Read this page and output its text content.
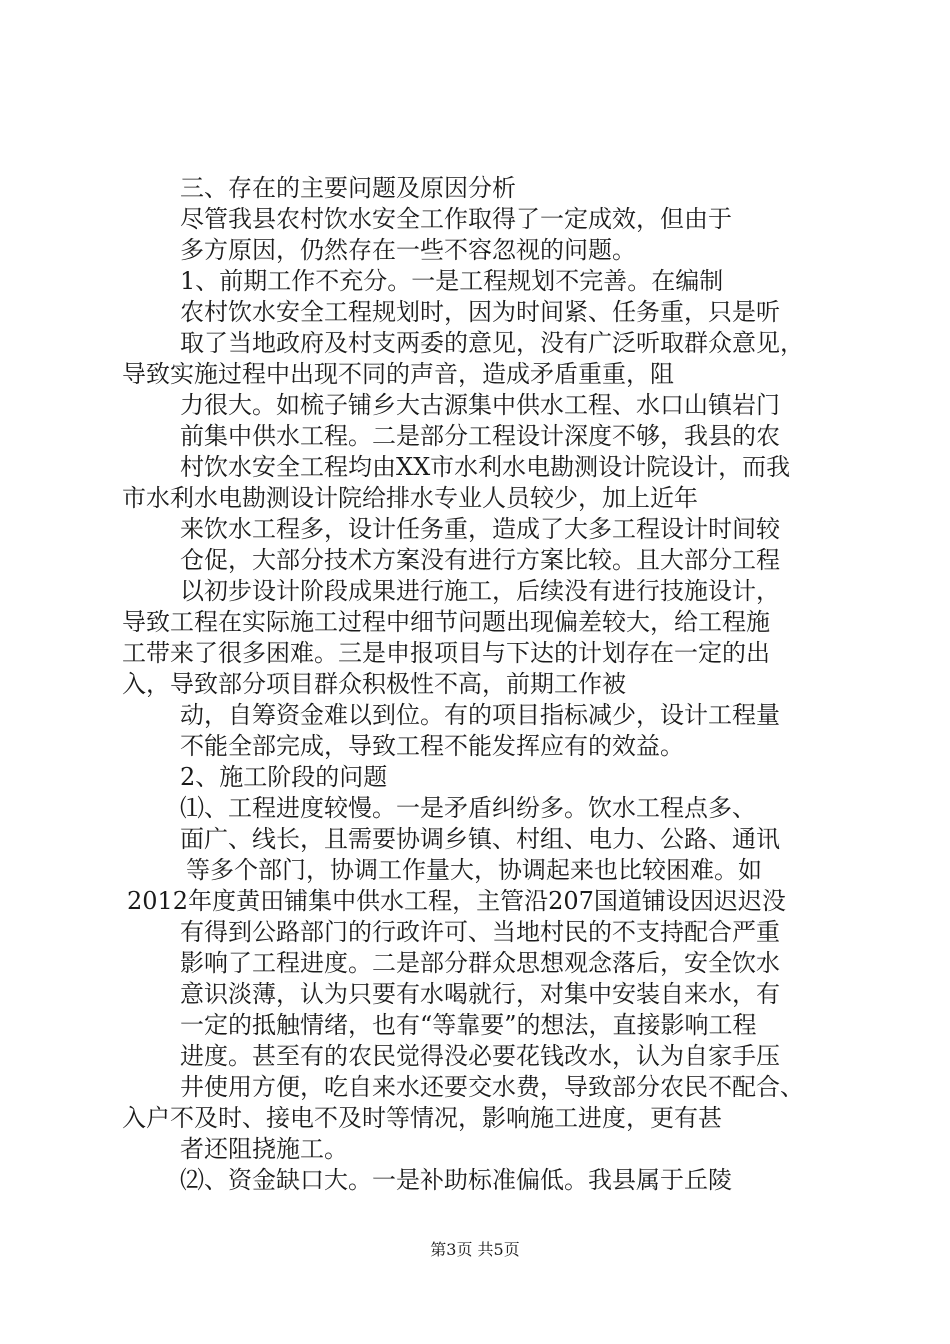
三、存在的主要问题及原因分析
尽管我县农村饮水安全工作取得了一定成效，但由于
多方原因，仍然存在一些不容忽视的问题。
1、前期工作不充分。一是工程规划不完善。在编制
农村饮水安全工程规划时，因为时间紧、任务重，只是听
取了当地政府及村支两委的意见，没有广泛听取群众意见，
导致实施过程中出现不同的声音，造成矛盾重重，阻
力很大。如梳子铺乡大古源集中供水工程、水口山镇岩门
前集中供水工程。二是部分工程设计深度不够，我县的农
村饮水安全工程均由XX市水利水电勘测设计院设计，而我
市水利水电勘测设计院给排水专业人员较少，加上近年
来饮水工程多，设计任务重，造成了大多工程设计时间较
仓促，大部分技术方案没有进行方案比较。且大部分工程
以初步设计阶段成果进行施工，后续没有进行技施设计，
导致工程在实际施工过程中细节问题出现偏差较大，给工程施
工带来了很多困难。三是申报项目与下达的计划存在一定的出
入，导致部分项目群众积极性不高，前期工作被
动，自筹资金难以到位。有的项目指标减少，设计工程量
不能全部完成，导致工程不能发挥应有的效益。
2、施工阶段的问题
⑴、工程进度较慢。一是矛盾纠纷多。饮水工程点多、
面广、线长，且需要协调乡镇、村组、电力、公路、通讯
等多个部门，协调工作量大，协调起来也比较困难。如
2012年度黄田铺集中供水工程，主管沿207国道铺设因迟迟没
有得到公路部门的行政许可、当地村民的不支持配合严重
影响了工程进度。二是部分群众思想观念落后，安全饮水
意识淡薄，认为只要有水喝就行，对集中安装自来水，有
一定的抵触情绪，也有“等靠要”的想法，直接影响工程
进度。甚至有的农民觉得没必要花钱改水，认为自家手压
井使用方便，吃自来水还要交水费，导致部分农民不配合、
入户不及时、接电不及时等情况，影响施工进度，更有甚
者还阻挠施工。
⑵、资金缺口大。一是补助标准偏低。我县属于丘陵
第3页 共5页
